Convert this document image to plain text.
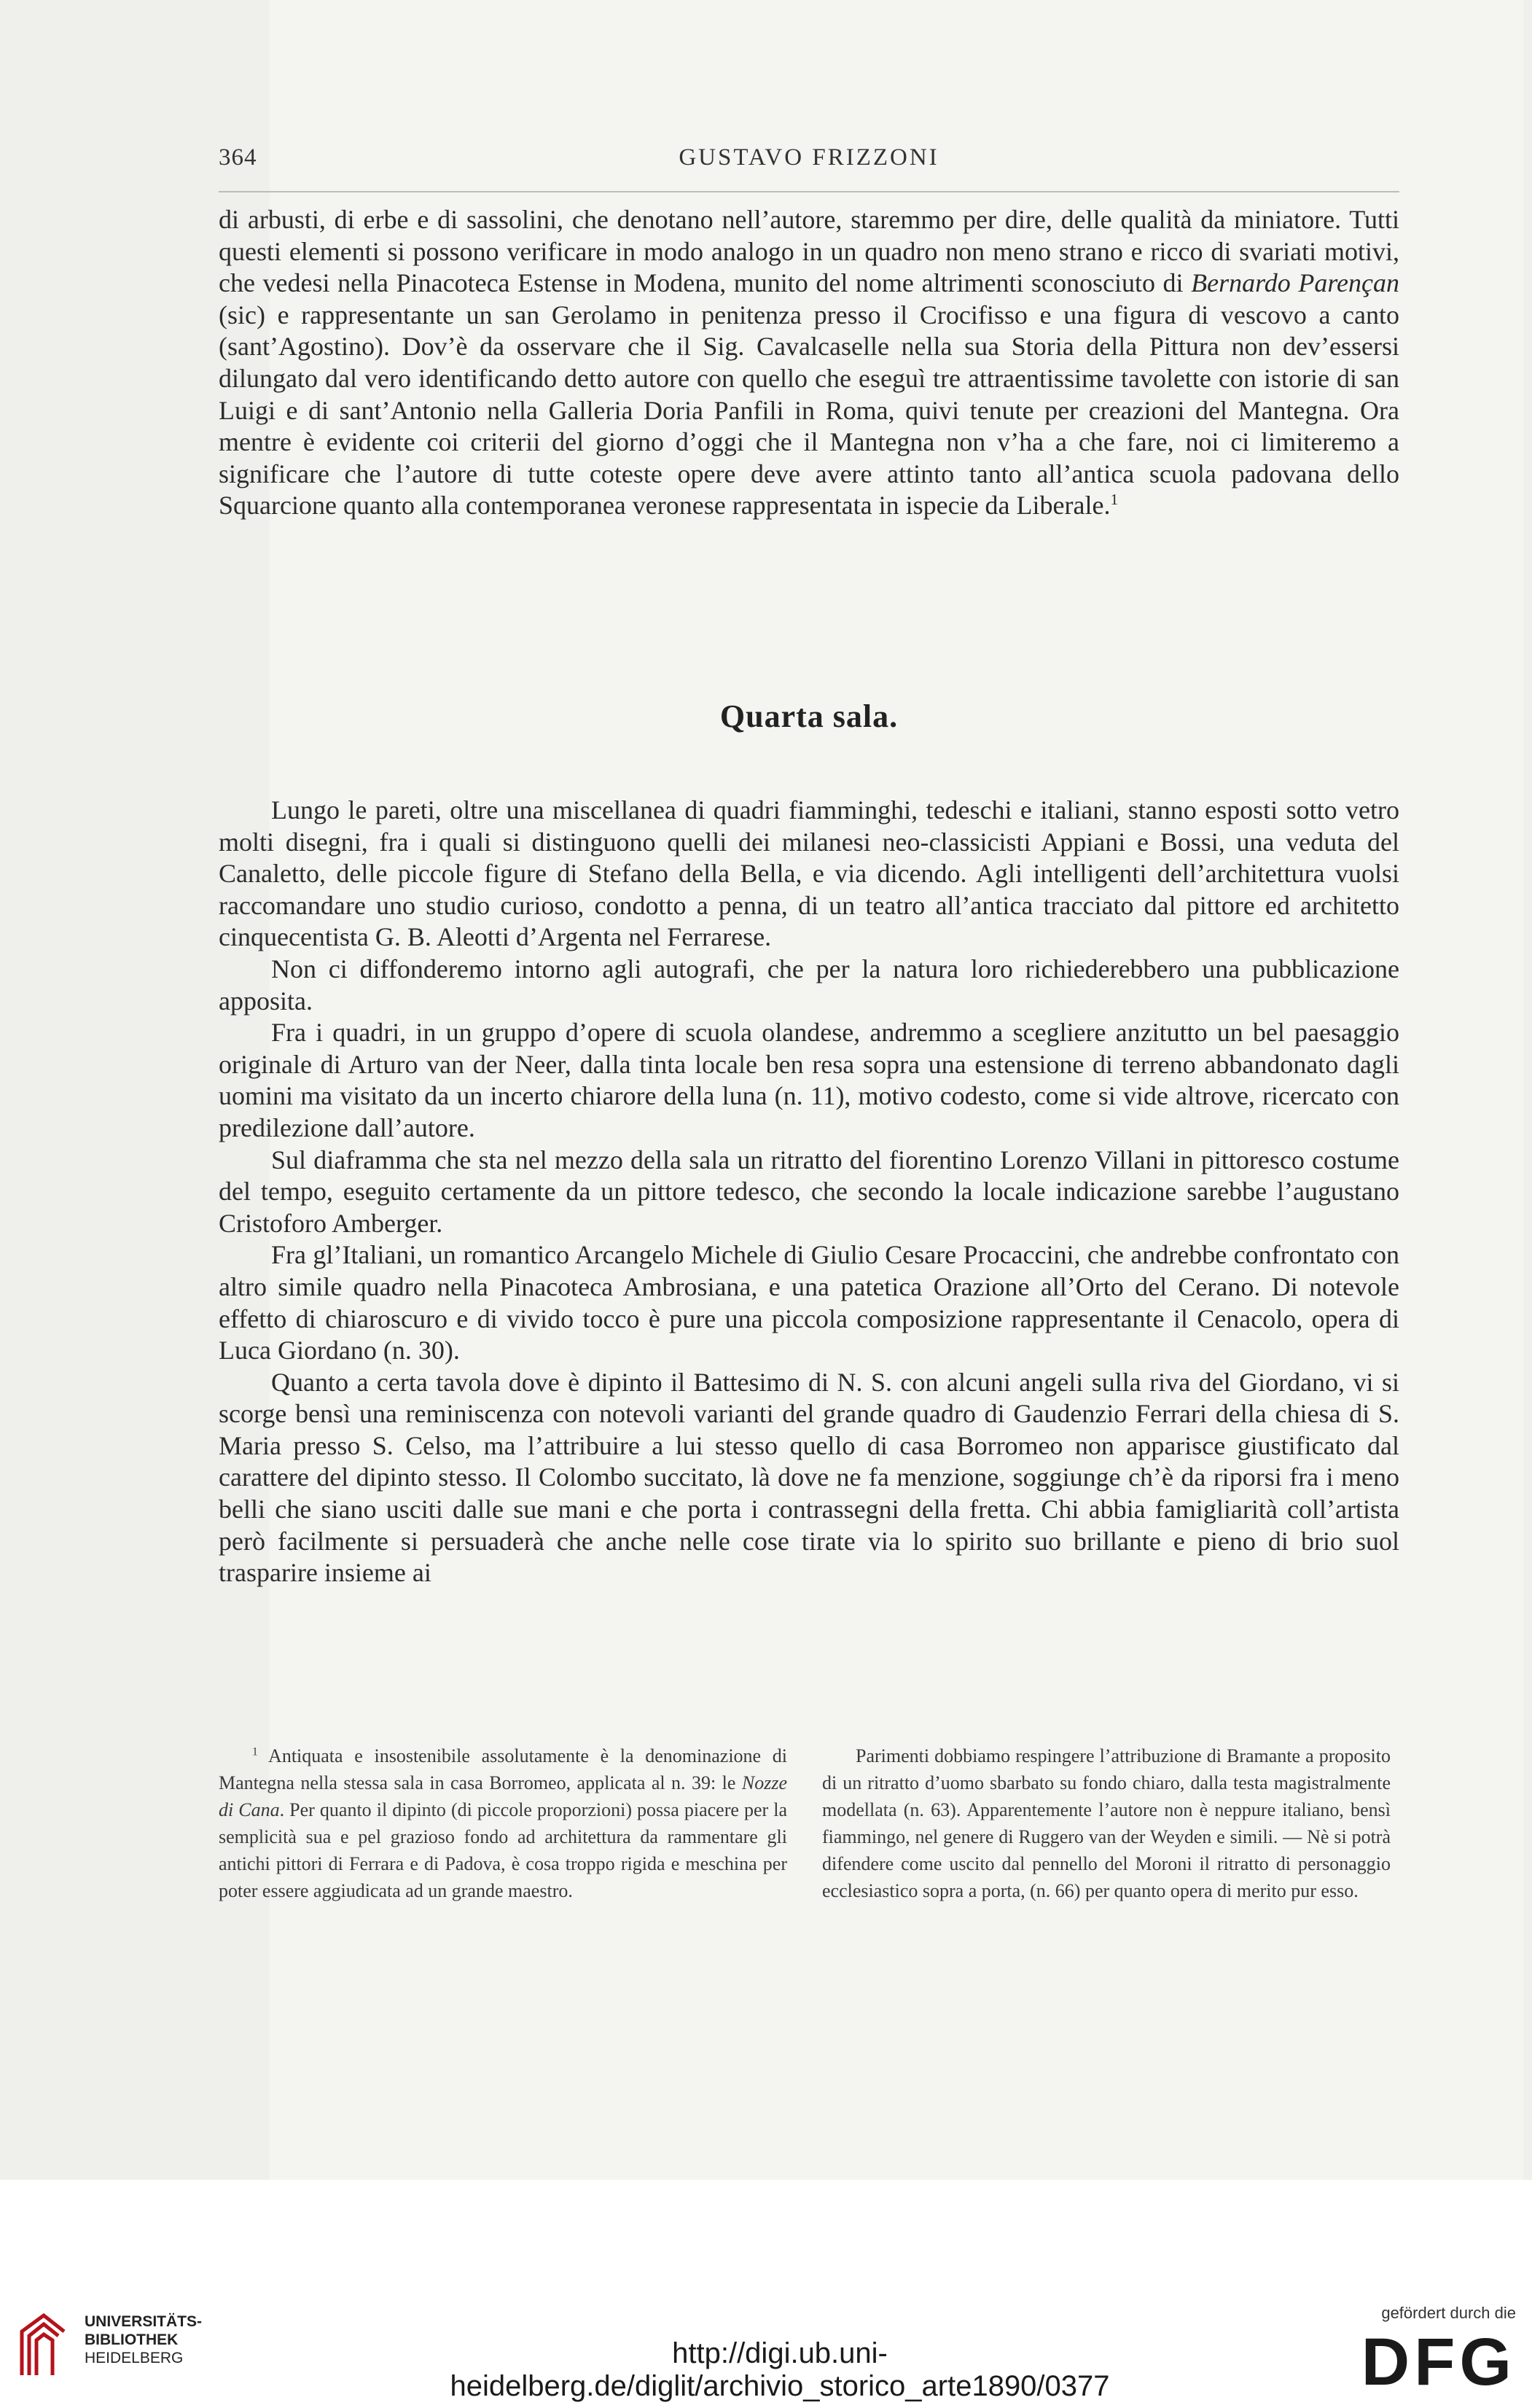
364	GUSTAVO FRIZZONI

di arbusti, di erbe e di sassolini, che denotano nell’autore, staremmo per dire, delle qualità da miniatore. Tutti questi elementi si possono verificare in modo analogo in un quadro non meno strano e ricco di svariati motivi, che vedesi nella Pinacoteca Estense in Modena, munito del nome altrimenti sconosciuto di Bernardo Parençan (sic) e rappresentante un san Gerolamo in penitenza presso il Crocifisso e una figura di vescovo a canto (sant’Agostino). Dov’è da osservare che il Sig. Cavalcaselle nella sua Storia della Pittura non dev’essersi dilungato dal vero identificando detto autore con quello che eseguì tre attraentissime tavolette con istorie di san Luigi e di sant’Antonio nella Galleria Doria Panfili in Roma, quivi tenute per creazioni del Mantegna. Ora mentre è evidente coi criterii del giorno d’oggi che il Mantegna non v’ha a che fare, noi ci limiteremo a significare che l’autore di tutte coteste opere deve avere attinto tanto all’antica scuola padovana dello Squarcione quanto alla contemporanea veronese rappresentata in ispecie da Liberale.$^1$

Quarta sala.

Lungo le pareti, oltre una miscellanea di quadri fiamminghi, tedeschi e italiani, stanno esposti sotto vetro molti disegni, fra i quali si distinguono quelli dei milanesi neo-classicisti Appiani e Bossi, una veduta del Canaletto, delle piccole figure di Stefano della Bella, e via dicendo. Agli intelligenti dell’architettura vuolsi raccomandare uno studio curioso, condotto a penna, di un teatro all’antica tracciato dal pittore ed architetto cinquecentista G. B. Aleotti d’Argenta nel Ferrarese.

Non ci diffonderemo intorno agli autografi, che per la natura loro richiederebbero una pubblicazione apposita.

Fra i quadri, in un gruppo d’opere di scuola olandese, andremmo a scegliere anzitutto un bel paesaggio originale di Arturo van der Neer, dalla tinta locale ben resa sopra una estensione di terreno abbandonato dagli uomini ma visitato da un incerto chiarore della luna (n. 11), motivo codesto, come si vide altrove, ricercato con predilezione dall’autore.

Sul diaframma che sta nel mezzo della sala un ritratto del fiorentino Lorenzo Villani in pittoresco costume del tempo, eseguito certamente da un pittore tedesco, che secondo la locale indicazione sarebbe l’augustano Cristoforo Amberger.

Fra gl’Italiani, un romantico Arcangelo Michele di Giulio Cesare Procaccini, che andrebbe confrontato con altro simile quadro nella Pinacoteca Ambrosiana, e una patetica Orazione all’Orto del Cerano. Di notevole effetto di chiaroscuro e di vivido tocco è pure una piccola composizione rappresentante il Cenacolo, opera di Luca Giordano (n. 30).

Quanto a certa tavola dove è dipinto il Battesimo di N. S. con alcuni angeli sulla riva del Giordano, vi si scorge bensì una reminiscenza con notevoli varianti del grande quadro di Gaudenzio Ferrari della chiesa di S. Maria presso S. Celso, ma l’attribuire a lui stesso quello di casa Borromeo non apparisce giustificato dal carattere del dipinto stesso. Il Colombo succitato, là dove ne fa menzione, soggiunge ch’è da riporsi fra i meno belli che siano usciti dalle sue mani e che porta i contrassegni della fretta. Chi abbia famigliarità coll’artista però facilmente si persuaderà che anche nelle cose tirate via lo spirito suo brillante e pieno di brio suol trasparire insieme ai

$^1$ Antiquata e insostenibile assolutamente è la denominazione di Mantegna nella stessa sala in casa Borromeo, applicata al n. 39: le Nozze di Cana. Per quanto il dipinto (di piccole proporzioni) possa piacere per la semplicità sua e pel grazioso fondo ad architettura da rammentare gli antichi pittori di Ferrara e di Padova, è cosa troppo rigida e meschina per poter essere aggiudicata ad un grande maestro.

Parimenti dobbiamo respingere l’attribuzione di Bramante a proposito di un ritratto d’uomo sbarbato su fondo chiaro, dalla testa magistralmente modellata (n. 63). Apparentemente l’autore non è neppure italiano, bensì fiammingo, nel genere di Ruggero van der Weyden e simili. — Nè si potrà difendere come uscito dal pennello del Moroni il ritratto di personaggio ecclesiastico sopra a porta, (n. 66) per quanto opera di merito pur esso.

UNIVERSITÄTS-
BIBLIOTHEK
HEIDELBERG	http://digi.ub.uni-heidelberg.de/diglit/archivio_storico_arte1890/0377
gefördert durch die
DFG
